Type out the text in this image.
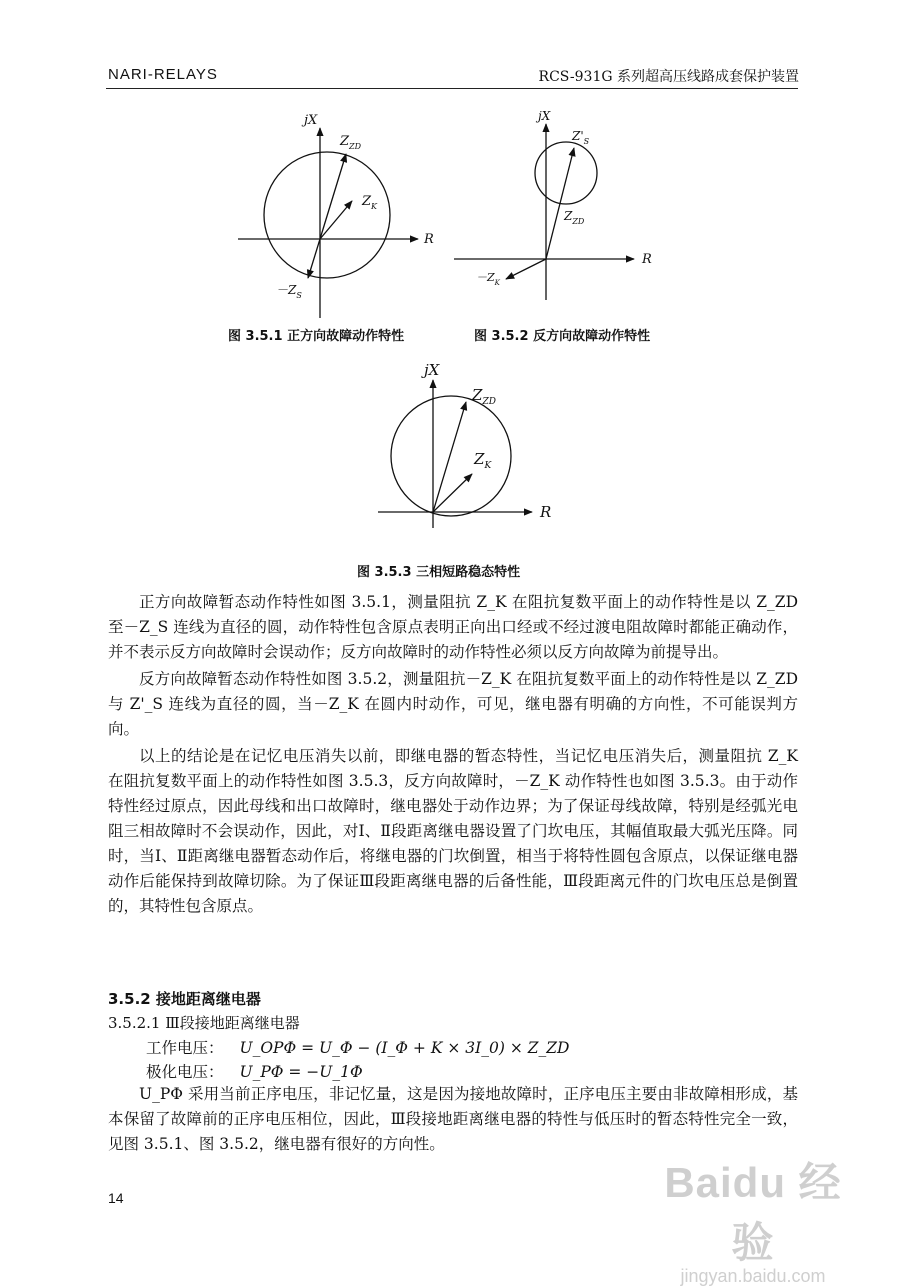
NARI-RELAYS	RCS-931G 系列超高压线路成套保护装置
jX
R
$Z_{ZD}$
$Z_K$
$-Z_S$
jX
R
$Z'_S$
$Z_{ZD}$
$-Z_K$
jX
R
$Z_{ZD}$
$Z_K$
图 3.5.1 正方向故障动作特性	图 3.5.2 反方向故障动作特性
图 3.5.3 三相短路稳态特性

正方向故障暂态动作特性如图 3.5.1，测量阻抗 Z_K 在阻抗复数平面上的动作特性是以 Z_ZD 至－Z_S 连线为直径的圆，动作特性包含原点表明正向出口经或不经过渡电阻故障时都能正确动作，并不表示反方向故障时会误动作；反方向故障时的动作特性必须以反方向故障为前提导出。

反方向故障暂态动作特性如图 3.5.2，测量阻抗－Z_K 在阻抗复数平面上的动作特性是以 Z_ZD 与 Z'_S 连线为直径的圆，当－Z_K 在圆内时动作，可见，继电器有明确的方向性，不可能误判方向。

以上的结论是在记忆电压消失以前，即继电器的暂态特性，当记忆电压消失后，测量阻抗 Z_K 在阻抗复数平面上的动作特性如图 3.5.3，反方向故障时，－Z_K 动作特性也如图 3.5.3。由于动作特性经过原点，因此母线和出口故障时，继电器处于动作边界；为了保证母线故障，特别是经弧光电阻三相故障时不会误动作，因此，对Ⅰ、Ⅱ段距离继电器设置了门坎电压，其幅值取最大弧光压降。同时，当Ⅰ、Ⅱ距离继电器暂态动作后，将继电器的门坎倒置，相当于将特性圆包含原点，以保证继电器动作后能保持到故障切除。为了保证Ⅲ段距离继电器的后备性能，Ⅲ段距离元件的门坎电压总是倒置的，其特性包含原点。

3.5.2 接地距离继电器
3.5.2.1 Ⅲ段接地距离继电器
工作电压： U_OPΦ = U_Φ − (I_Φ + K × 3I_0) × Z_ZD
极化电压： U_PΦ = −U_1Φ

U_PΦ 采用当前正序电压，非记忆量，这是因为接地故障时，正序电压主要由非故障相形成，基本保留了故障前的正序电压相位，因此，Ⅲ段接地距离继电器的特性与低压时的暂态特性完全一致，见图 3.5.1、图 3.5.2，继电器有很好的方向性。

14	Baidu 经验
jingyan.baidu.com
